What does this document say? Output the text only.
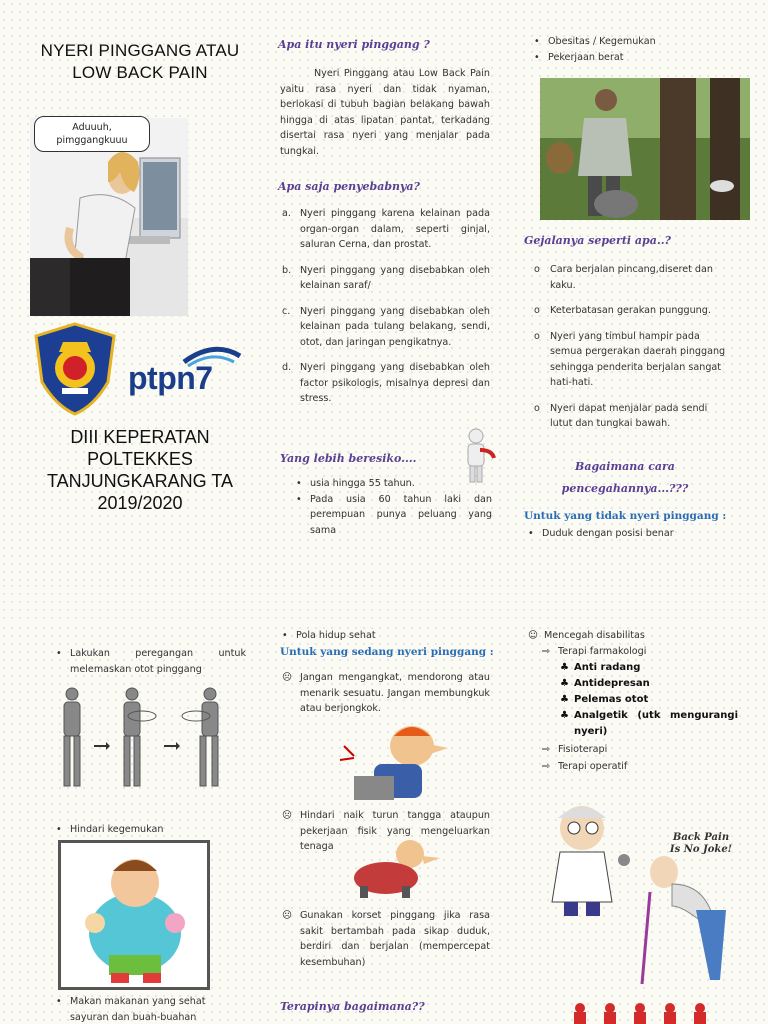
NYERI PINGGANG ATAU LOW BACK PAIN
Aduuuh, pimggangkuuu
ptpn7
DIII KEPERATAN POLTEKKES TANJUNGKARANG TA 2019/2020
Apa itu nyeri pinggang ?
Nyeri Pinggang atau Low Back Pain yaitu rasa nyeri dan tidak nyaman, berlokasi di tubuh bagian belakang bawah hingga di atas lipatan pantat, terkadang disertai rasa nyeri yang menjalar pada tungkai.
Apa saja penyebabnya?
a. Nyeri pinggang karena kelainan pada organ-organ dalam, seperti ginjal, saluran Cerna, dan prostat.
b. Nyeri pinggang yang disebabkan oleh kelainan saraf/
c. Nyeri pinggang yang disebabkan oleh kelainan pada tulang belakang, sendi, otot, dan jaringan pengikatnya.
d. Nyeri pinggang yang disebabkan oleh factor psikologis, misalnya depresi dan stress.
Yang lebih beresiko....
• usia hingga 55 tahun.
• Pada usia 60 tahun laki dan perempuan punya peluang yang sama
• Obesitas / Kegemukan
• Pekerjaan berat
Gejalanya seperti apa..?
o Cara berjalan pincang,diseret dan kaku.
o Keterbatasan gerakan punggung.
o Nyeri yang timbul hampir pada semua pergerakan daerah pinggang sehingga penderita berjalan sangat hati-hati.
o Nyeri dapat menjalar pada sendi lutut dan tungkai bawah.
Bagaimana cara pencegahannya...???
Untuk yang tidak nyeri pinggang :
• Duduk dengan posisi benar
• Lakukan peregangan untuk melemaskan otot pinggang
• Hindari kegemukan
• Makan makanan yang sehat sayuran dan buah-buahan
• Pola hidup sehat
Untuk yang sedang nyeri pinggang :
☹ Jangan mengangkat, mendorong atau menarik sesuatu. Jangan membungkuk atau berjongkok.
☹ Hindari naik turun tangga ataupun pekerjaan fisik yang mengeluarkan tenaga
☹ Gunakan korset pinggang jika rasa sakit bertambah pada sikap duduk, berdiri dan berjalan (mempercepat kesembuhan)
Terapinya bagaimana??
☺ Mencegah disabilitas
⇨ Terapi farmakologi
♣ Anti radang
♣ Antidepresan
♣ Pelemas otot
♣ Analgetik (utk mengurangi nyeri)
⇨ Fisioterapi
⇨ Terapi operatif
Back Pain Is No Joke!
